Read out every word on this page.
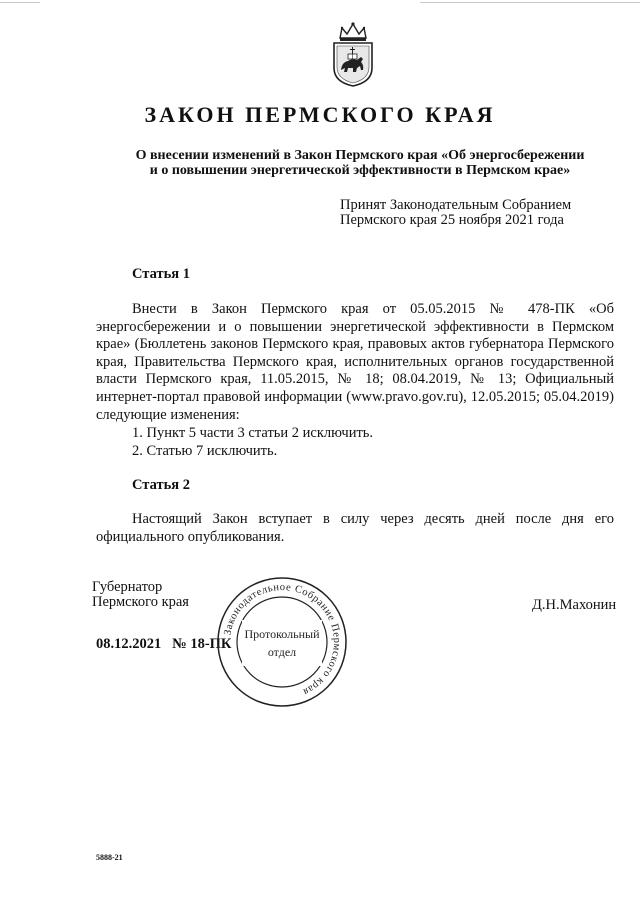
ЗАКОН ПЕРМСКОГО КРАЯ
О внесении изменений в Закон Пермского края «Об энергосбережении
и о повышении энергетической эффективности в Пермском крае»
Принят Законодательным Собранием
Пермского края 25 ноября 2021 года
Статья 1
Внести в Закон Пермского края от 05.05.2015 № 478-ПК «Об энергосбережении и о повышении энергетической эффективности в Пермском крае» (Бюллетень законов Пермского края, правовых актов губернатора Пермского края, Правительства Пермского края, исполнительных органов государственной власти Пермского края, 11.05.2015, № 18; 08.04.2019, № 13; Официальный интернет-портал правовой информации (www.pravo.gov.ru), 12.05.2015; 05.04.2019) следующие изменения:
1. Пункт 5 части 3 статьи 2 исключить.
2. Статью 7 исключить.
Статья 2
Настоящий Закон вступает в силу через десять дней после дня его официального опубликования.
Губернатор
Пермского края	Д.Н.Махонин
08.12.2021   № 18-ПК
Законодательное Собрание Пермского края
Протокольный
отдел
5888-21
